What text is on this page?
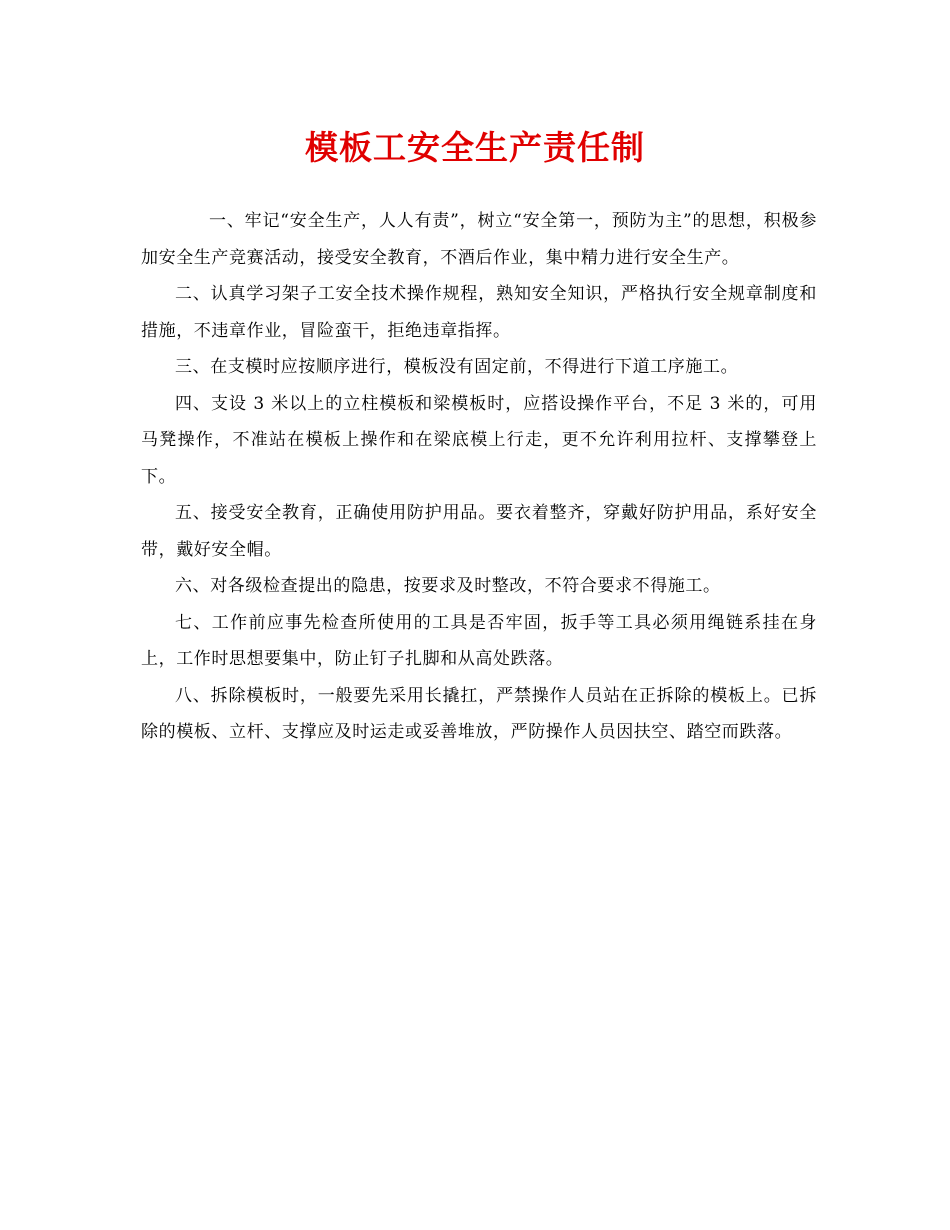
模板工安全生产责任制

一、牢记“安全生产，人人有责”，树立“安全第一，预防为主”的思想，积极参加安全生产竞赛活动，接受安全教育，不酒后作业，集中精力进行安全生产。

二、认真学习架子工安全技术操作规程，熟知安全知识，严格执行安全规章制度和措施，不违章作业，冒险蛮干，拒绝违章指挥。

三、在支模时应按顺序进行，模板没有固定前，不得进行下道工序施工。

四、支设 3 米以上的立柱模板和梁模板时，应搭设操作平台，不足 3 米的，可用马凳操作，不准站在模板上操作和在梁底模上行走，更不允许利用拉杆、支撑攀登上下。

五、接受安全教育，正确使用防护用品。要衣着整齐，穿戴好防护用品，系好安全带，戴好安全帽。

六、对各级检查提出的隐患，按要求及时整改，不符合要求不得施工。

七、工作前应事先检查所使用的工具是否牢固，扳手等工具必须用绳链系挂在身上，工作时思想要集中，防止钉子扎脚和从高处跌落。

八、拆除模板时，一般要先采用长撬扛，严禁操作人员站在正拆除的模板上。已拆除的模板、立杆、支撑应及时运走或妥善堆放，严防操作人员因扶空、踏空而跌落。
